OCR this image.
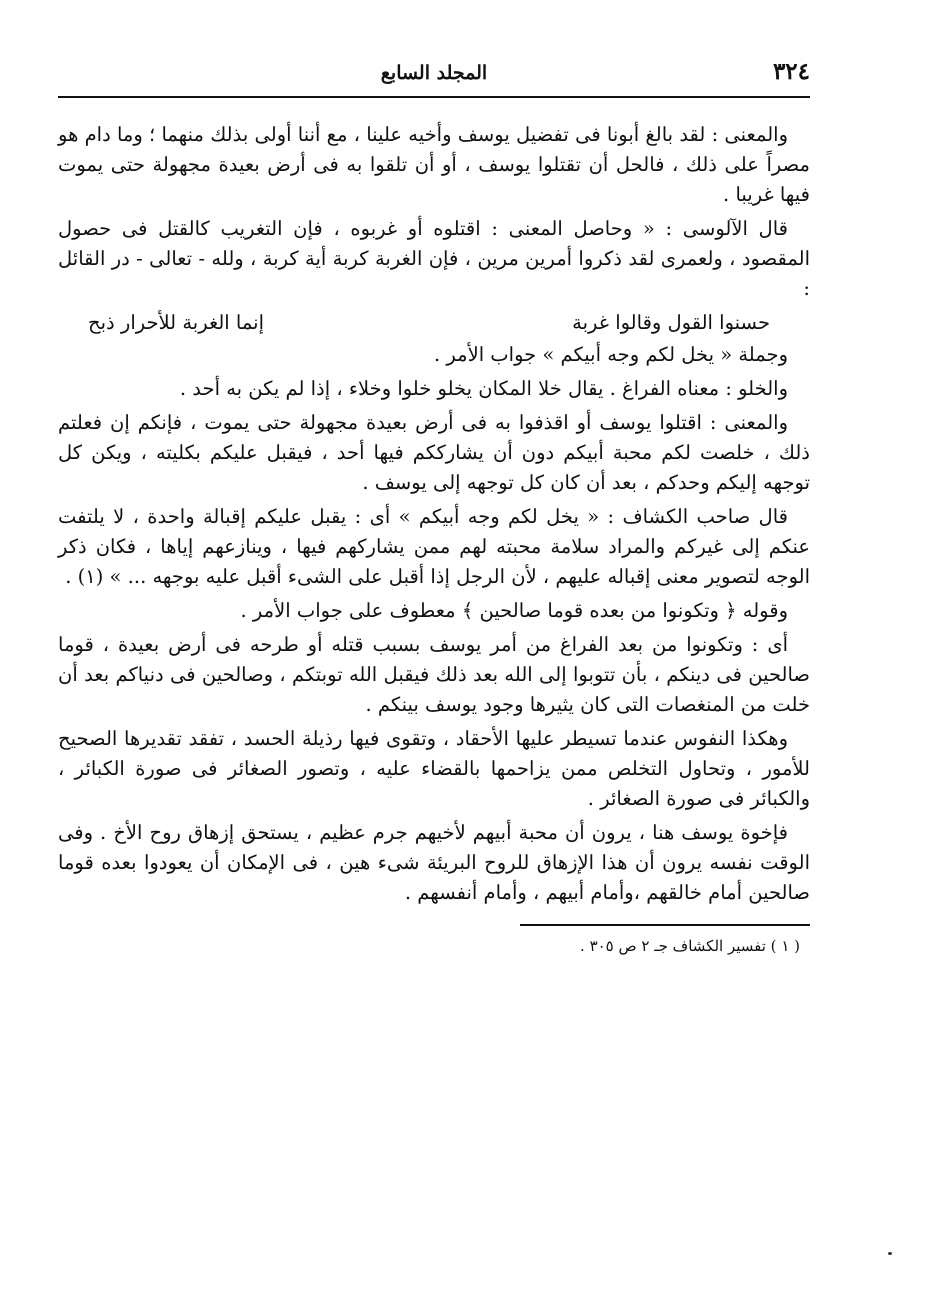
٣٢٤
المجلد السابع

والمعنى : لقد بالغ أبونا فى تفضيل يوسف وأخيه علينا ، مع أننا أولى بذلك منهما ؛ وما دام هو مصراً على ذلك ، فالحل أن تقتلوا يوسف ، أو أن تلقوا به فى أرض بعيدة مجهولة حتى يموت فيها غريبا .

قال الآلوسى : « وحاصل المعنى : اقتلوه أو غربوه ، فإن التغريب كالقتل فى حصول المقصود ، ولعمرى لقد ذكروا أمرين مرين ، فإن الغربة كربة أية كربة ، ولله - تعالى - در القائل :

حسنوا القول وقالوا غربة
إنما الغربة للأحرار ذبح

وجملة « يخل لكم وجه أبيكم » جواب الأمر .

والخلو : معناه الفراغ . يقال خلا المكان يخلو خلوا وخلاء ، إذا لم يكن به أحد .

والمعنى : اقتلوا يوسف أو اقذفوا به فى أرض بعيدة مجهولة حتى يموت ، فإنكم إن فعلتم ذلك ، خلصت لكم محبة أبيكم دون أن يشارككم فيها أحد ، فيقبل عليكم بكليته ، ويكن كل توجهه إليكم وحدكم ، بعد أن كان كل توجهه إلى يوسف .

قال صاحب الكشاف : « يخل لكم وجه أبيكم » أى : يقبل عليكم إقبالة واحدة ، لا يلتفت عنكم إلى غيركم والمراد سلامة محبته لهم ممن يشاركهم فيها ، وينازعهم إياها ، فكان ذكر الوجه لتصوير معنى إقباله عليهم ، لأن الرجل إذا أقبل على الشىء أقبل عليه بوجهه ... » (١) .

وقوله ﴿ وتكونوا من بعده قوما صالحين ﴾ معطوف على جواب الأمر .

أى : وتكونوا من بعد الفراغ من أمر يوسف بسبب قتله أو طرحه فى أرض بعيدة ، قوما صالحين فى دينكم ، بأن تتوبوا إلى الله بعد ذلك فيقبل الله توبتكم ، وصالحين فى دنياكم بعد أن خلت من المنغصات التى كان يثيرها وجود يوسف بينكم .

وهكذا النفوس عندما تسيطر عليها الأحقاد ، وتقوى فيها رذيلة الحسد ، تفقد تقديرها الصحيح للأمور ، وتحاول التخلص ممن يزاحمها بالقضاء عليه ، وتصور الصغائر فى صورة الكبائر ، والكبائر فى صورة الصغائر .

فإخوة يوسف هنا ، يرون أن محبة أبيهم لأخيهم جرم عظيم ، يستحق إزهاق روح الأخ . وفى الوقت نفسه يرون أن هذا الإزهاق للروح البريئة شىء هين ، فى الإمكان أن يعودوا بعده قوما صالحين أمام خالقهم ،وأمام أبيهم ، وأمام أنفسهم .

( ١ ) تفسير الكشاف جـ ٢ ص ٣٠٥ .
